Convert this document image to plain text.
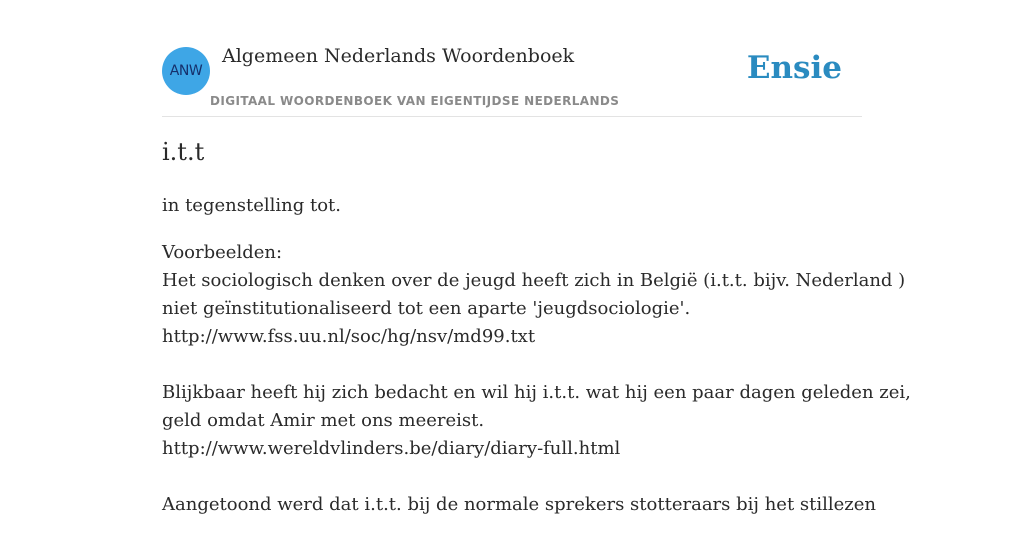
ANW
Algemeen Nederlands Woordenboek
DIGITAAL WOORDENBOEK VAN EIGENTIJDSE NEDERLANDS
Ensie
i.t.t
in tegenstelling tot.
Voorbeelden:
Het sociologisch denken over de jeugd heeft zich in België (i.t.t. bijv. Nederland )
niet geïnstitutionaliseerd tot een aparte 'jeugdsociologie'.
http://www.fss.uu.nl/soc/hg/nsv/md99.txt
Blijkbaar heeft hij zich bedacht en wil hij i.t.t. wat hij een paar dagen geleden zei,
geld omdat Amir met ons meereist.
http://www.wereldvlinders.be/diary/diary-full.html
Aangetoond werd dat i.t.t. bij de normale sprekers stotteraars bij het stillezen
